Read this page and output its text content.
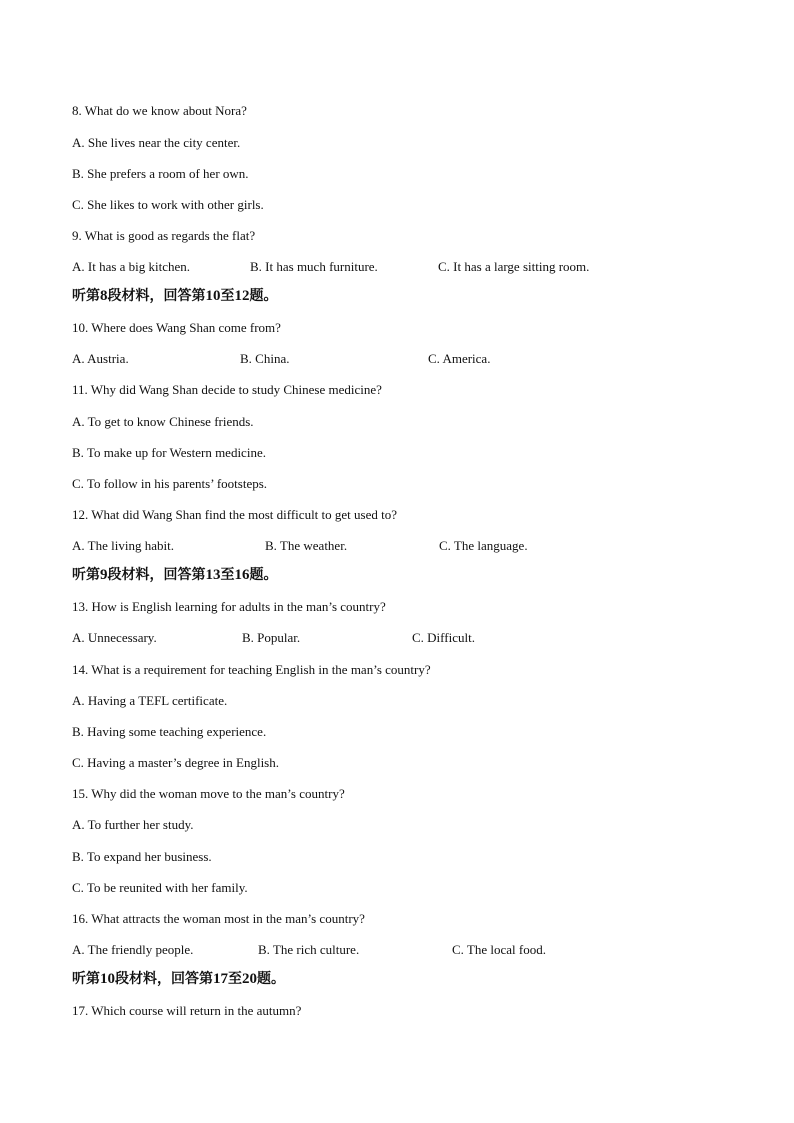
8. What do we know about Nora?

A. She lives near the city center.

B. She prefers a room of her own.

C. She likes to work with other girls.

9. What is good as regards the flat?

A. It has a big kitchen.	B. It has much furniture.	C. It has a large sitting room.
听第8段材料，回答第10至12题。

10. Where does Wang Shan come from?

A. Austria.	B. China.	C. America.

11. Why did Wang Shan decide to study Chinese medicine?

A. To get to know Chinese friends.

B. To make up for Western medicine.

C. To follow in his parents’ footsteps.

12. What did Wang Shan find the most difficult to get used to?

A. The living habit.	B. The weather.	C. The language.
听第9段材料，回答第13至16题。

13. How is English learning for adults in the man’s country?

A. Unnecessary.	B. Popular.	C. Difficult.

14. What is a requirement for teaching English in the man’s country?

A. Having a TEFL certificate.

B. Having some teaching experience.

C. Having a master’s degree in English.

15. Why did the woman move to the man’s country?

A. To further her study.

B. To expand her business.

C. To be reunited with her family.

16. What attracts the woman most in the man’s country?

A. The friendly people.	B. The rich culture.	C. The local food.
听第10段材料，回答第17至20题。

17. Which course will return in the autumn?
